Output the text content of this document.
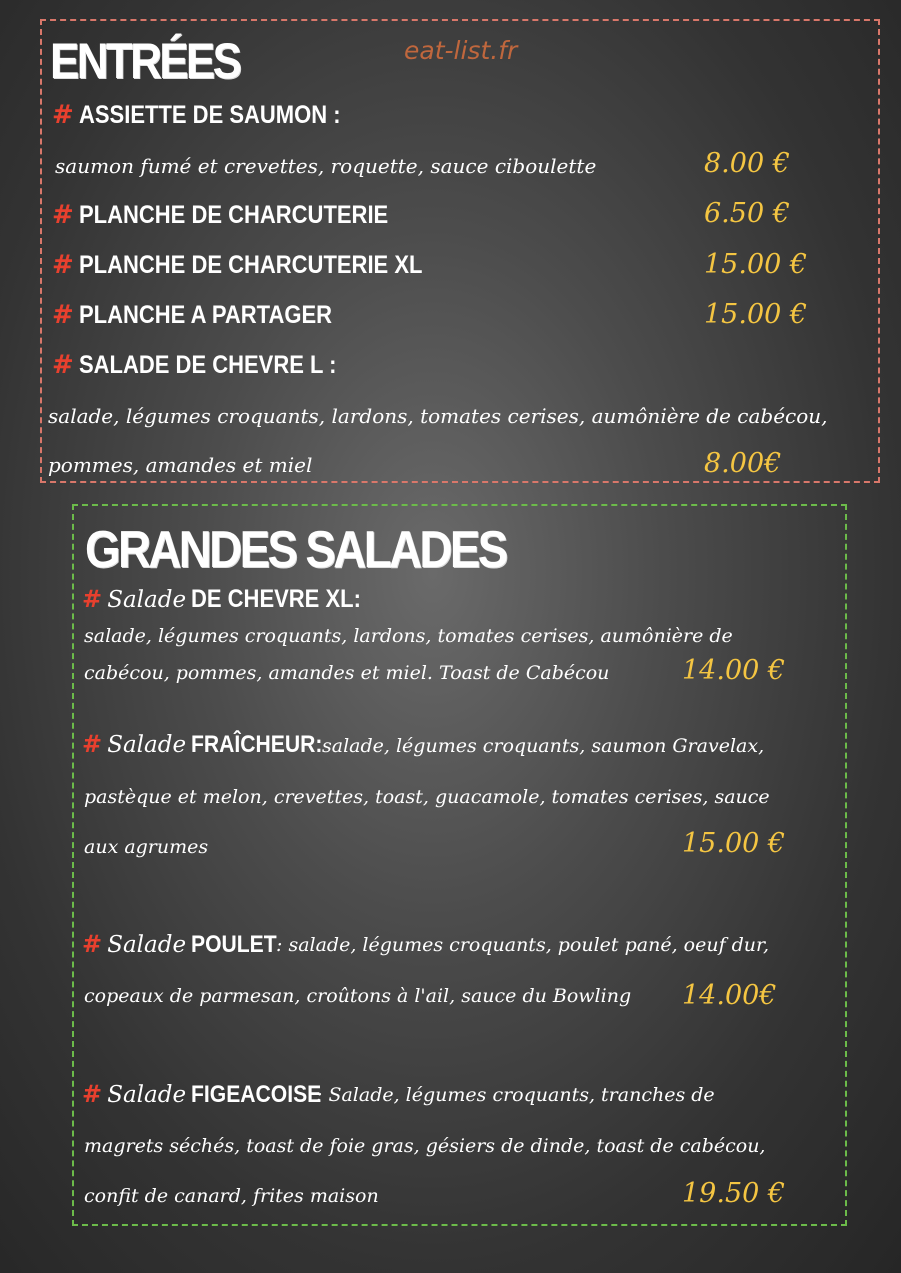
ENTRÉES	eat-list.fr
# ASSIETTE DE SAUMON :
saumon fumé et crevettes, roquette, sauce ciboulette	8.00 €
# PLANCHE DE CHARCUTERIE	6.50 €
# PLANCHE DE CHARCUTERIE XL	15.00 €
# PLANCHE A PARTAGER	15.00 €
# SALADE DE CHEVRE L :
salade, légumes croquants, lardons, tomates cerises, aumônière de cabécou,
pommes, amandes et miel	8.00€
GRANDES SALADES
# Salade DE CHEVRE XL:
salade, légumes croquants, lardons, tomates cerises, aumônière de
cabécou, pommes, amandes et miel. Toast de Cabécou	14.00 €
# Salade FRAÎCHEUR: salade, légumes croquants, saumon Gravelax,
pastèque et melon, crevettes, toast, guacamole, tomates cerises, sauce
aux agrumes	15.00 €
# Salade POULET : salade, légumes croquants, poulet pané, oeuf dur,
copeaux de parmesan, croûtons à l'ail, sauce du Bowling 14.00€
# Salade FIGEACOISE
: Salade, légumes croquants, tranches de
magrets séchés, toast de foie gras, gésiers de dinde, toast de cabécou,
confit de canard, frites maison	19.50 €
